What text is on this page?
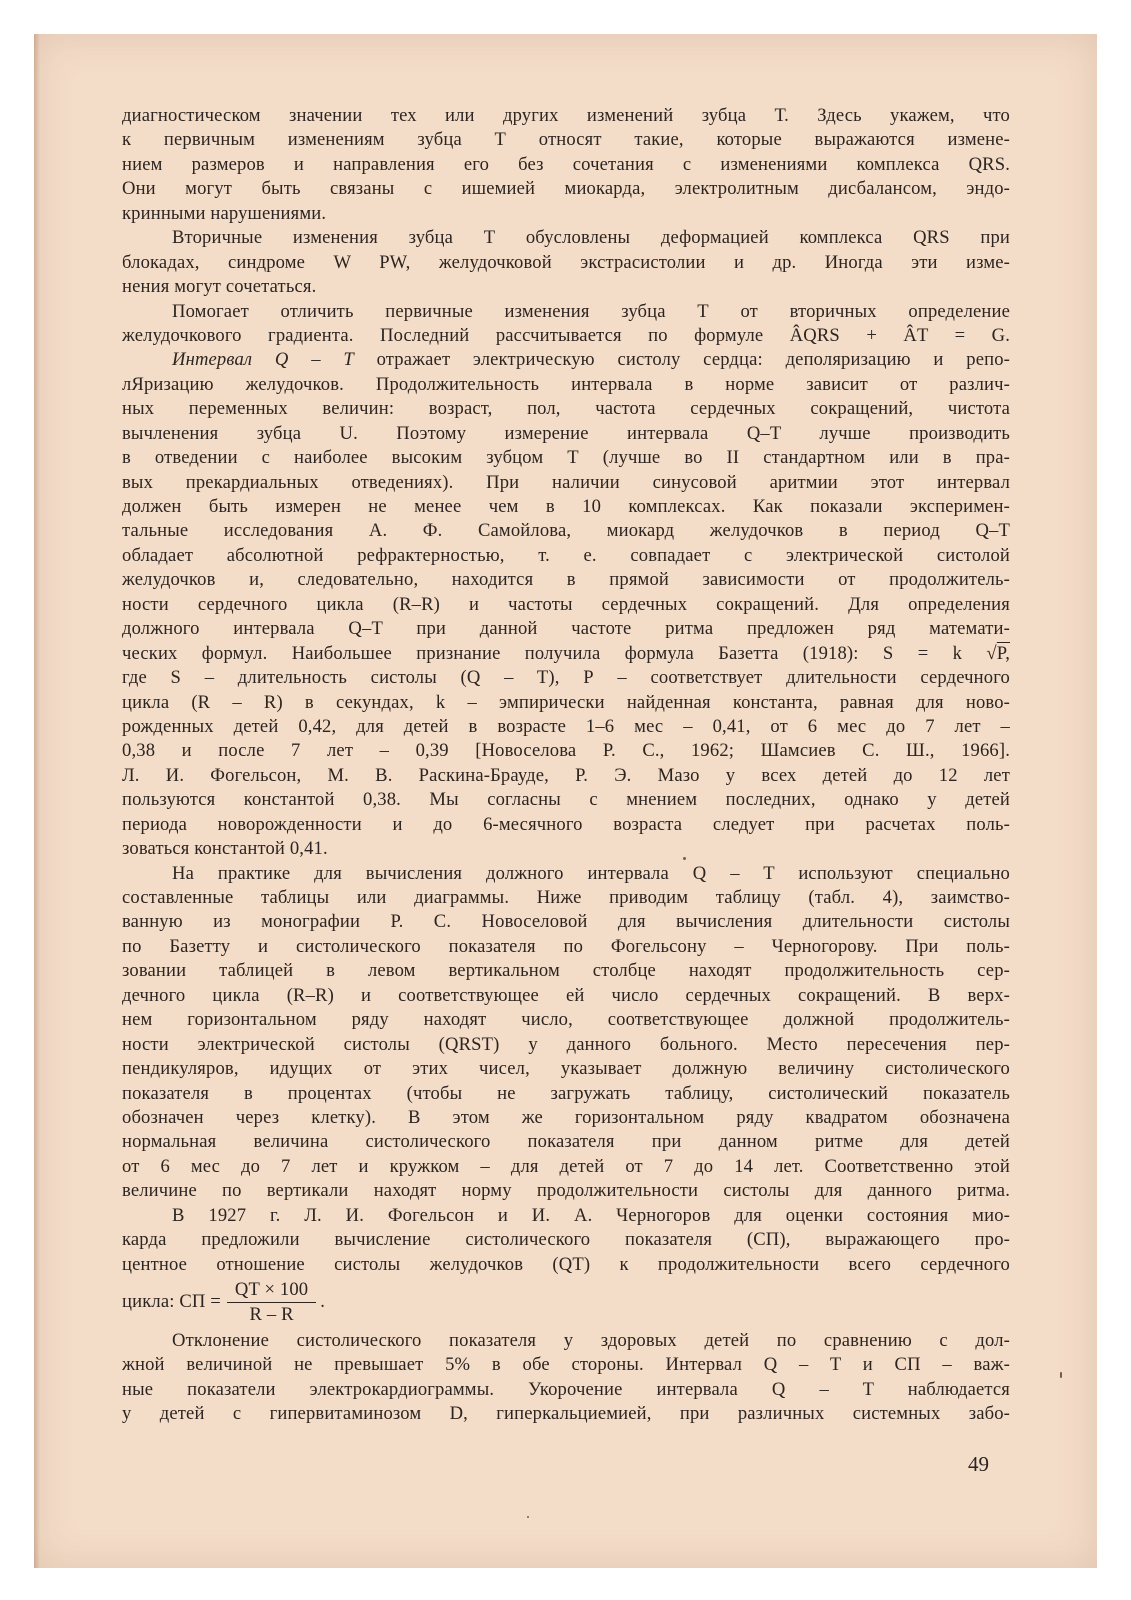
диагностическом значении тех или других изменений зубца Т. Здесь укажем, что
к первичным изменениям зубца Т относят такие, которые выражаются измене-
нием размеров и направления его без сочетания с изменениями комплекса QRS.
Они могут быть связаны с ишемией миокарда, электролитным дисбалансом, эндо-
кринными нарушениями.
Вторичные изменения зубца Т обусловлены деформацией комплекса QRS при
блокадах, синдроме W PW, желудочковой экстрасистолии и др. Иногда эти изме-
нения могут сочетаться.
Помогает отличить первичные изменения зубца Т от вторичных определение
желудочкового градиента. Последний рассчитывается по формуле ÂQRS + ÂT = G.
Интервал Q – Т отражает электрическую систолу сердца: деполяризацию и репо-
лЯризацию желудочков. Продолжительность интервала в норме зависит от различ-
ных переменных величин: возраст, пол, частота сердечных сокращений, чистота
вычленения зубца U. Поэтому измерение интервала Q–T лучше производить
в отведении с наиболее высоким зубцом Т (лучше во II стандартном или в пра-
вых прекардиальных отведениях). При наличии синусовой аритмии этот интервал
должен быть измерен не менее чем в 10 комплексах. Как показали эксперимен-
тальные исследования А. Ф. Самойлова, миокард желудочков в период Q–T
обладает абсолютной рефрактерностью, т. е. совпадает с электрической систолой
желудочков и, следовательно, находится в прямой зависимости от продолжитель-
ности сердечного цикла (R–R) и частоты сердечных сокращений. Для определения
должного интервала Q–T при данной частоте ритма предложен ряд математи-
ческих формул. Наибольшее признание получила формула Базетта (1918): S = k √P,
где S – длительность систолы (Q – T), Р – соответствует длительности сердечного
цикла (R – R) в секундах, k – эмпирически найденная константа, равная для ново-
рожденных детей 0,42, для детей в возрасте 1–6 мес – 0,41, от 6 мес до 7 лет –
0,38 и после 7 лет – 0,39 [Новоселова Р. С., 1962; Шамсиев С. Ш., 1966].
Л. И. Фогельсон, М. В. Раскина-Брауде, Р. Э. Мазо у всех детей до 12 лет
пользуются константой 0,38. Мы согласны с мнением последних, однако у детей
периода новорожденности и до 6-месячного возраста следует при расчетах поль-
зоваться константой 0,41.
На практике для вычисления должного интервала Q – T используют специально
составленные таблицы или диаграммы. Ниже приводим таблицу (табл. 4), заимство-
ванную из монографии Р. С. Новоселовой для вычисления длительности систолы
по Базетту и систолического показателя по Фогельсону – Черногорову. При поль-
зовании таблицей в левом вертикальном столбце находят продолжительность сер-
дечного цикла (R–R) и соответствующее ей число сердечных сокращений. В верх-
нем горизонтальном ряду находят число, соответствующее должной продолжитель-
ности электрической систолы (QRST) у данного больного. Место пересечения пер-
пендикуляров, идущих от этих чисел, указывает должную величину систолического
показателя в процентах (чтобы не загружать таблицу, систолический показатель
обозначен через клетку). В этом же горизонтальном ряду квадратом обозначена
нормальная величина систолического показателя при данном ритме для детей
от 6 мес до 7 лет и кружком – для детей от 7 до 14 лет. Соответственно этой
величине по вертикали находят норму продолжительности систолы для данного ритма.
В 1927 г. Л. И. Фогельсон и И. А. Черногоров для оценки состояния мио-
карда предложили вычисление систолического показателя (СП), выражающего про-
центное отношение систолы желудочков (QT) к продолжительности всего сердечного
цикла: СП = $\frac{QT \times 100}{R - R}$ .
Отклонение систолического показателя у здоровых детей по сравнению с дол-
жной величиной не превышает 5% в обе стороны. Интервал Q – T и СП – важ-
ные показатели электрокардиограммы. Укорочение интервала Q – T наблюдается
у детей с гипервитаминозом D, гиперкальциемией, при различных системных забо-
49
